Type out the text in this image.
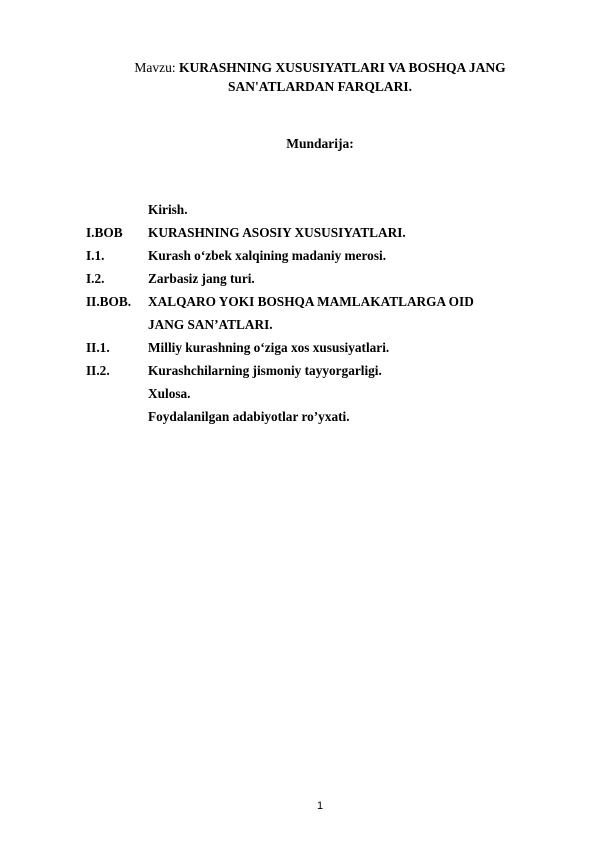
Mavzu: KURASHNING XUSUSIYATLARI VA BOSHQA JANG
SAN'ATLARDAN FARQLARI.
Mundarija:
Kirish.
I.BOB KURASHNING ASOSIY XUSUSIYATLARI.
I.1.	Kurash o‘zbek xalqining madaniy merosi.
I.2.	Zarbasiz jang turi.
II.BOB. XALQARO YOKI BOSHQA MAMLAKATLARGA OID
JANG SAN’ATLARI.
II.1.	Milliy kurashning o‘ziga xos xususiyatlari.
II.2.	Kurashchilarning jismoniy tayyorgarligi.
Xulosa.
Foydalanilgan adabiyotlar ro’yxati.
1
